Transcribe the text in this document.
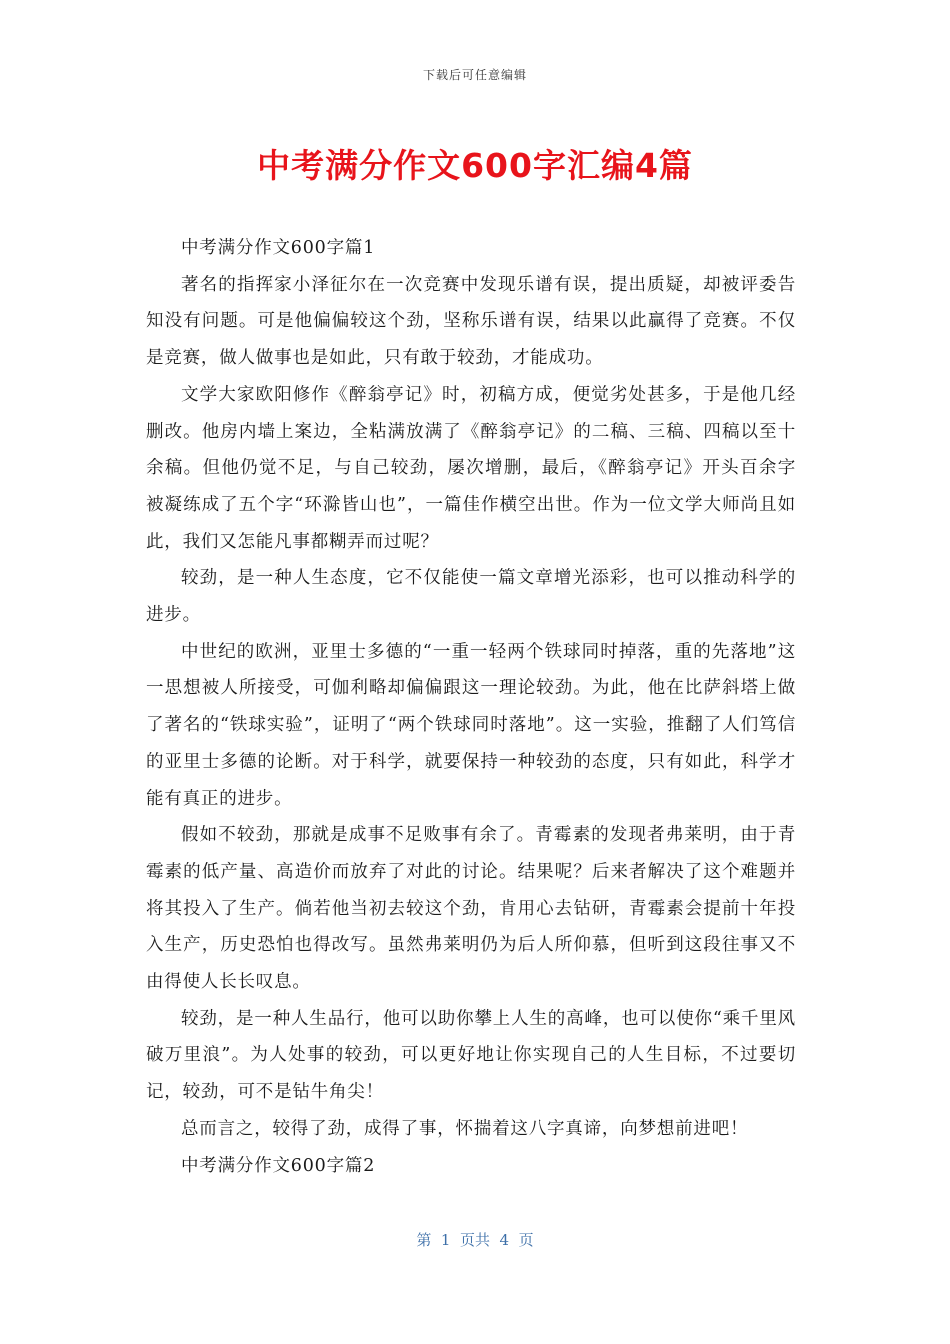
下载后可任意编辑
中考满分作文600字汇编4篇

中考满分作文600字篇1

著名的指挥家小泽征尔在一次竞赛中发现乐谱有误，提出质疑，却被评委告知没有问题。可是他偏偏较这个劲，坚称乐谱有误，结果以此赢得了竞赛。不仅是竞赛，做人做事也是如此，只有敢于较劲，才能成功。

文学大家欧阳修作《醉翁亭记》时，初稿方成，便觉劣处甚多，于是他几经删改。他房内墙上案边，全粘满放满了《醉翁亭记》的二稿、三稿、四稿以至十余稿。但他仍觉不足，与自己较劲，屡次增删，最后，《醉翁亭记》开头百余字被凝练成了五个字“环滁皆山也”，一篇佳作横空出世。作为一位文学大师尚且如此，我们又怎能凡事都糊弄而过呢？

较劲，是一种人生态度，它不仅能使一篇文章增光添彩，也可以推动科学的进步。

中世纪的欧洲，亚里士多德的“一重一轻两个铁球同时掉落，重的先落地”这一思想被人所接受，可伽利略却偏偏跟这一理论较劲。为此，他在比萨斜塔上做了著名的“铁球实验”，证明了“两个铁球同时落地”。这一实验，推翻了人们笃信的亚里士多德的论断。对于科学，就要保持一种较劲的态度，只有如此，科学才能有真正的进步。

假如不较劲，那就是成事不足败事有余了。青霉素的发现者弗莱明，由于青霉素的低产量、高造价而放弃了对此的讨论。结果呢？后来者解决了这个难题并将其投入了生产。倘若他当初去较这个劲，肯用心去钻研，青霉素会提前十年投入生产，历史恐怕也得改写。虽然弗莱明仍为后人所仰慕，但听到这段往事又不由得使人长长叹息。

较劲，是一种人生品行，他可以助你攀上人生的高峰，也可以使你“乘千里风破万里浪”。为人处事的较劲，可以更好地让你实现自己的人生目标，不过要切记，较劲，可不是钻牛角尖！

总而言之，较得了劲，成得了事，怀揣着这八字真谛，向梦想前进吧！

中考满分作文600字篇2

第  1  页共  4  页
